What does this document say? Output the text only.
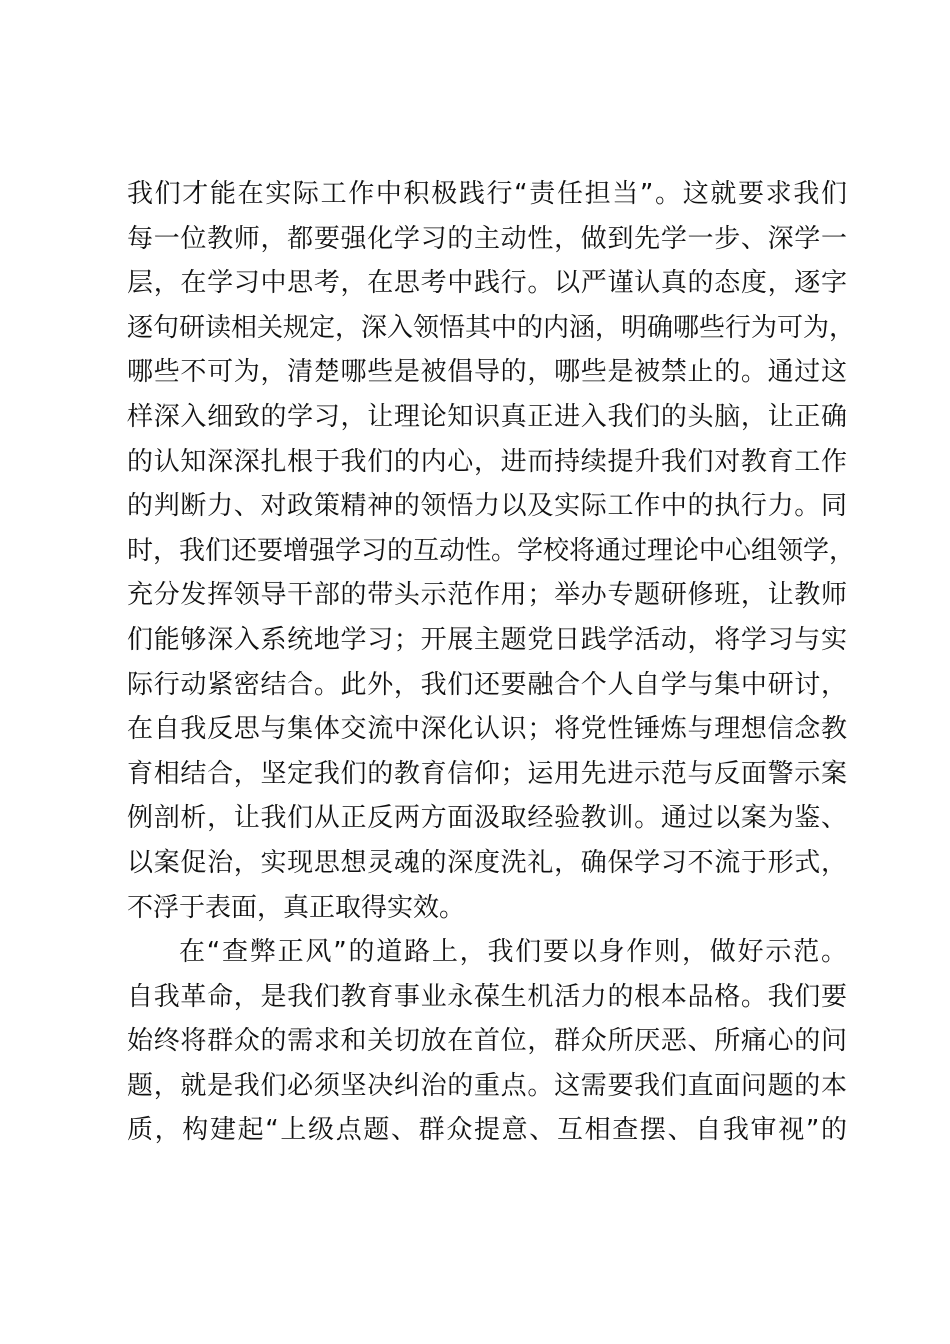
我们才能在实际工作中积极践行“责任担当”。这就要求我们
每一位教师，都要强化学习的主动性，做到先学一步、深学一
层，在学习中思考，在思考中践行。以严谨认真的态度，逐字
逐句研读相关规定，深入领悟其中的内涵，明确哪些行为可为，
哪些不可为，清楚哪些是被倡导的，哪些是被禁止的。通过这
样深入细致的学习，让理论知识真正进入我们的头脑，让正确
的认知深深扎根于我们的内心，进而持续提升我们对教育工作
的判断力、对政策精神的领悟力以及实际工作中的执行力。同
时，我们还要增强学习的互动性。学校将通过理论中心组领学，
充分发挥领导干部的带头示范作用；举办专题研修班，让教师
们能够深入系统地学习；开展主题党日践学活动，将学习与实
际行动紧密结合。此外，我们还要融合个人自学与集中研讨，
在自我反思与集体交流中深化认识；将党性锤炼与理想信念教
育相结合，坚定我们的教育信仰；运用先进示范与反面警示案
例剖析，让我们从正反两方面汲取经验教训。通过以案为鉴、
以案促治，实现思想灵魂的深度洗礼，确保学习不流于形式，
不浮于表面，真正取得实效。
在“查弊正风”的道路上，我们要以身作则，做好示范。
自我革命，是我们教育事业永葆生机活力的根本品格。我们要
始终将群众的需求和关切放在首位，群众所厌恶、所痛心的问
题，就是我们必须坚决纠治的重点。这需要我们直面问题的本
质，构建起“上级点题、群众提意、互相查摆、自我审视”的
